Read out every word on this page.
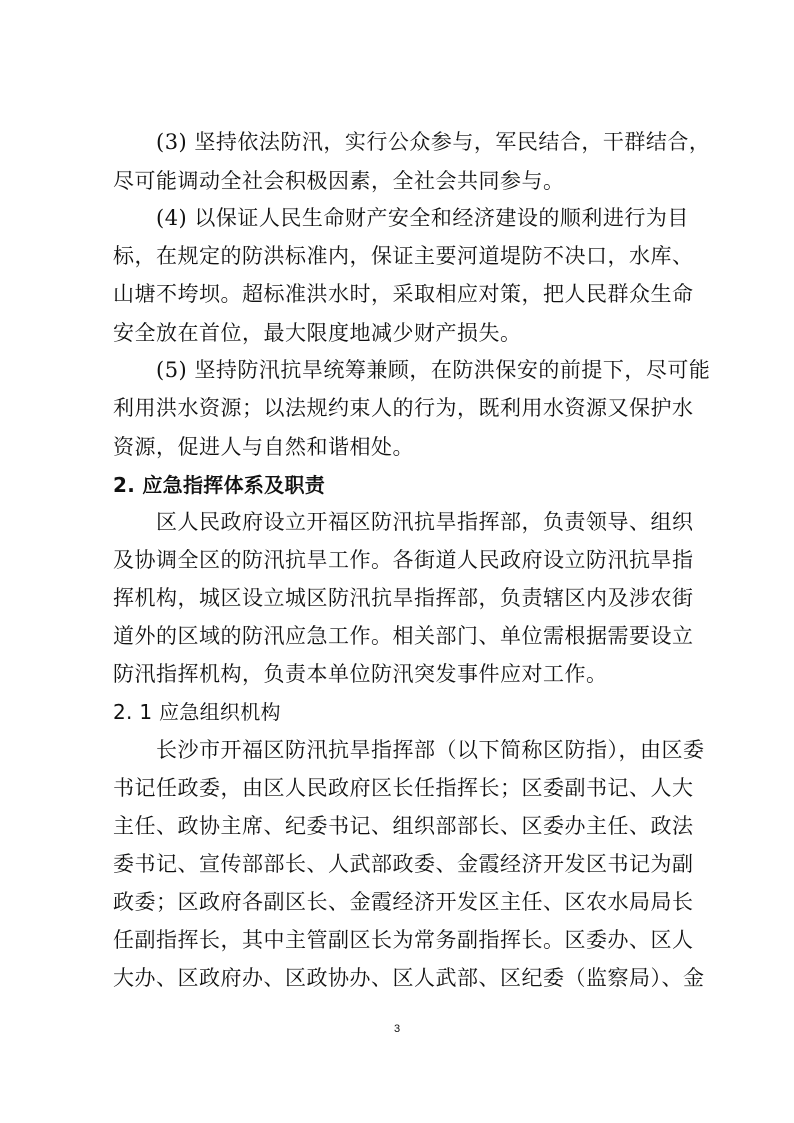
(3) 坚持依法防汛，实行公众参与，军民结合，干群结合，
尽可能调动全社会积极因素，全社会共同参与。
(4) 以保证人民生命财产安全和经济建设的顺利进行为目
标，在规定的防洪标准内，保证主要河道堤防不决口，水库、
山塘不垮坝。超标准洪水时，采取相应对策，把人民群众生命
安全放在首位，最大限度地减少财产损失。
(5) 坚持防汛抗旱统筹兼顾，在防洪保安的前提下，尽可能
利用洪水资源；以法规约束人的行为，既利用水资源又保护水
资源，促进人与自然和谐相处。
2. 应急指挥体系及职责
区人民政府设立开福区防汛抗旱指挥部，负责领导、组织
及协调全区的防汛抗旱工作。各街道人民政府设立防汛抗旱指
挥机构，城区设立城区防汛抗旱指挥部，负责辖区内及涉农街
道外的区域的防汛应急工作。相关部门、单位需根据需要设立
防汛指挥机构，负责本单位防汛突发事件应对工作。
2. 1 应急组织机构
长沙市开福区防汛抗旱指挥部（以下简称区防指），由区委
书记任政委，由区人民政府区长任指挥长；区委副书记、人大
主任、政协主席、纪委书记、组织部部长、区委办主任、政法
委书记、宣传部部长、人武部政委、金霞经济开发区书记为副
政委；区政府各副区长、金霞经济开发区主任、区农水局局长
任副指挥长，其中主管副区长为常务副指挥长。区委办、区人
大办、区政府办、区政协办、区人武部、区纪委（监察局）、金
3
